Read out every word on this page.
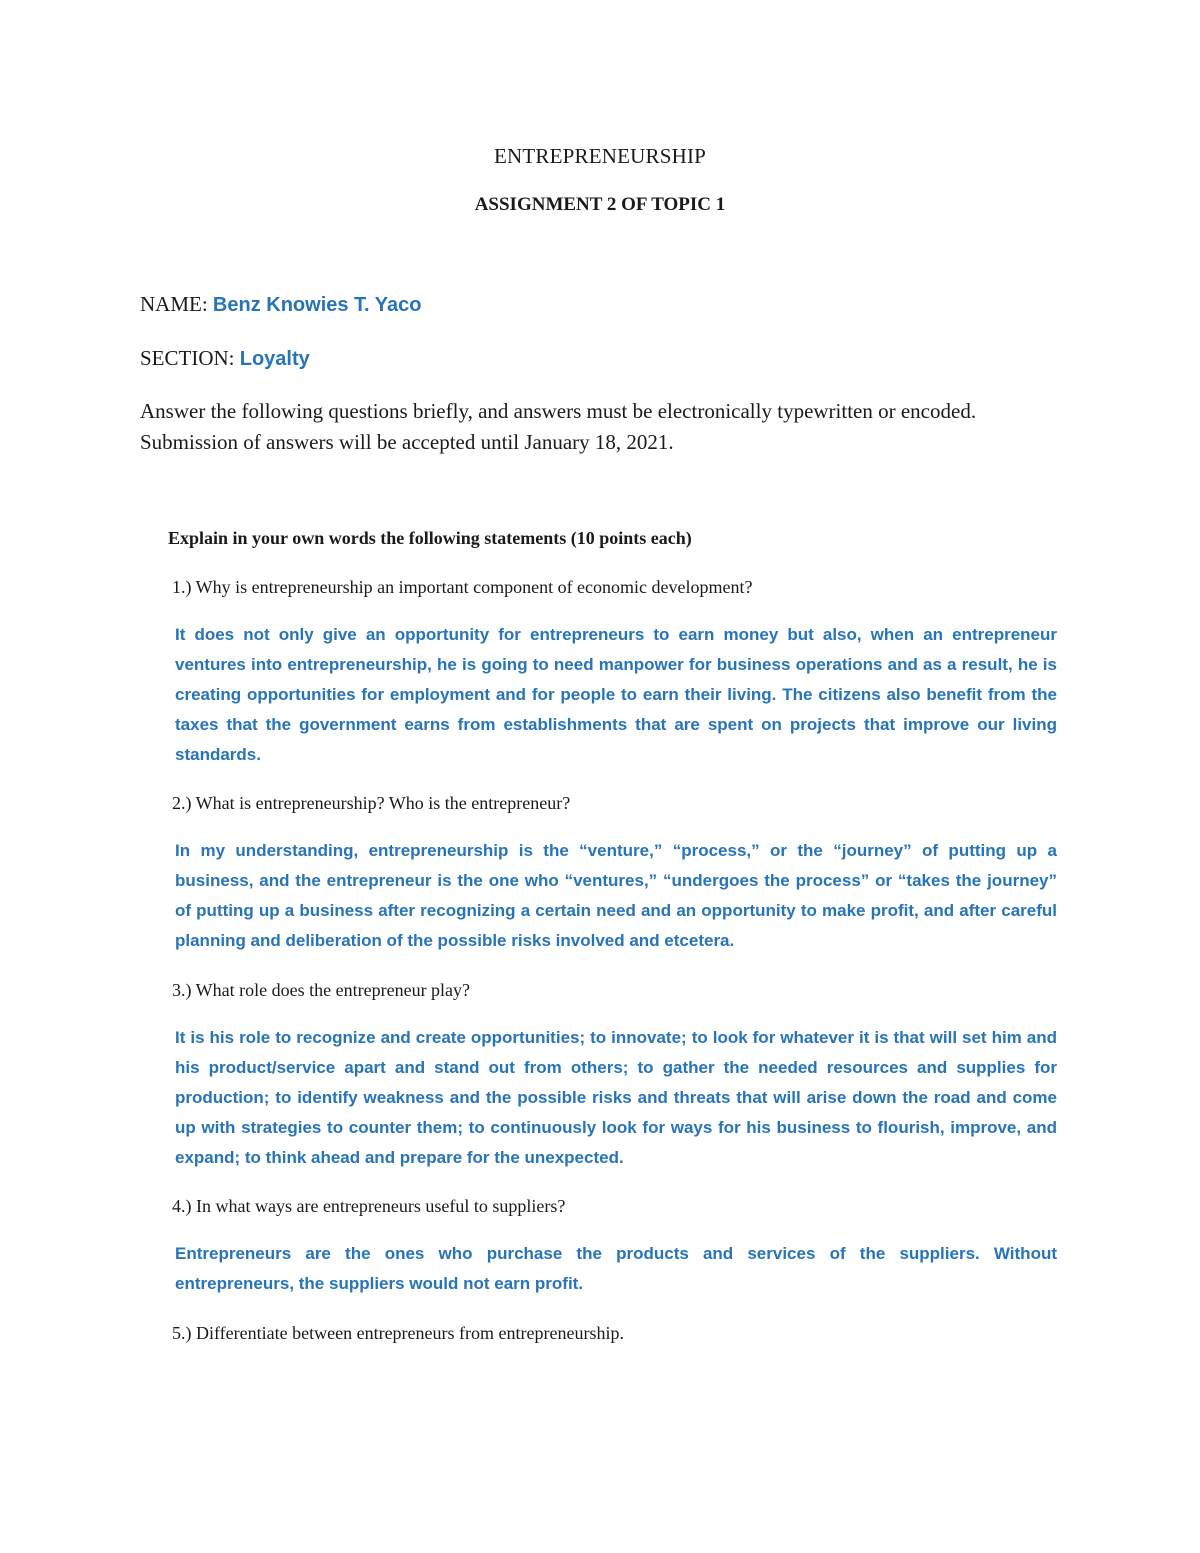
ENTREPRENEURSHIP
ASSIGNMENT 2 OF TOPIC 1
NAME: Benz Knowies T. Yaco
SECTION: Loyalty
Answer the following questions briefly, and answers must be electronically typewritten or encoded. Submission of answers will be accepted until January 18, 2021.
Explain in your own words the following statements (10 points each)
1.) Why is entrepreneurship an important component of economic development?
It does not only give an opportunity for entrepreneurs to earn money but also, when an entrepreneur ventures into entrepreneurship, he is going to need manpower for business operations and as a result, he is creating opportunities for employment and for people to earn their living. The citizens also benefit from the taxes that the government earns from establishments that are spent on projects that improve our living standards.
2.) What is entrepreneurship? Who is the entrepreneur?
In my understanding, entrepreneurship is the “venture,” “process,” or the “journey” of putting up a business, and the entrepreneur is the one who “ventures,” “undergoes the process” or “takes the journey” of putting up a business after recognizing a certain need and an opportunity to make profit, and after careful planning and deliberation of the possible risks involved and etcetera.
3.) What role does the entrepreneur play?
It is his role to recognize and create opportunities; to innovate; to look for whatever it is that will set him and his product/service apart and stand out from others; to gather the needed resources and supplies for production; to identify weakness and the possible risks and threats that will arise down the road and come up with strategies to counter them; to continuously look for ways for his business to flourish, improve, and expand; to think ahead and prepare for the unexpected.
4.) In what ways are entrepreneurs useful to suppliers?
Entrepreneurs are the ones who purchase the products and services of the suppliers. Without entrepreneurs, the suppliers would not earn profit.
5.) Differentiate between entrepreneurs from entrepreneurship.
